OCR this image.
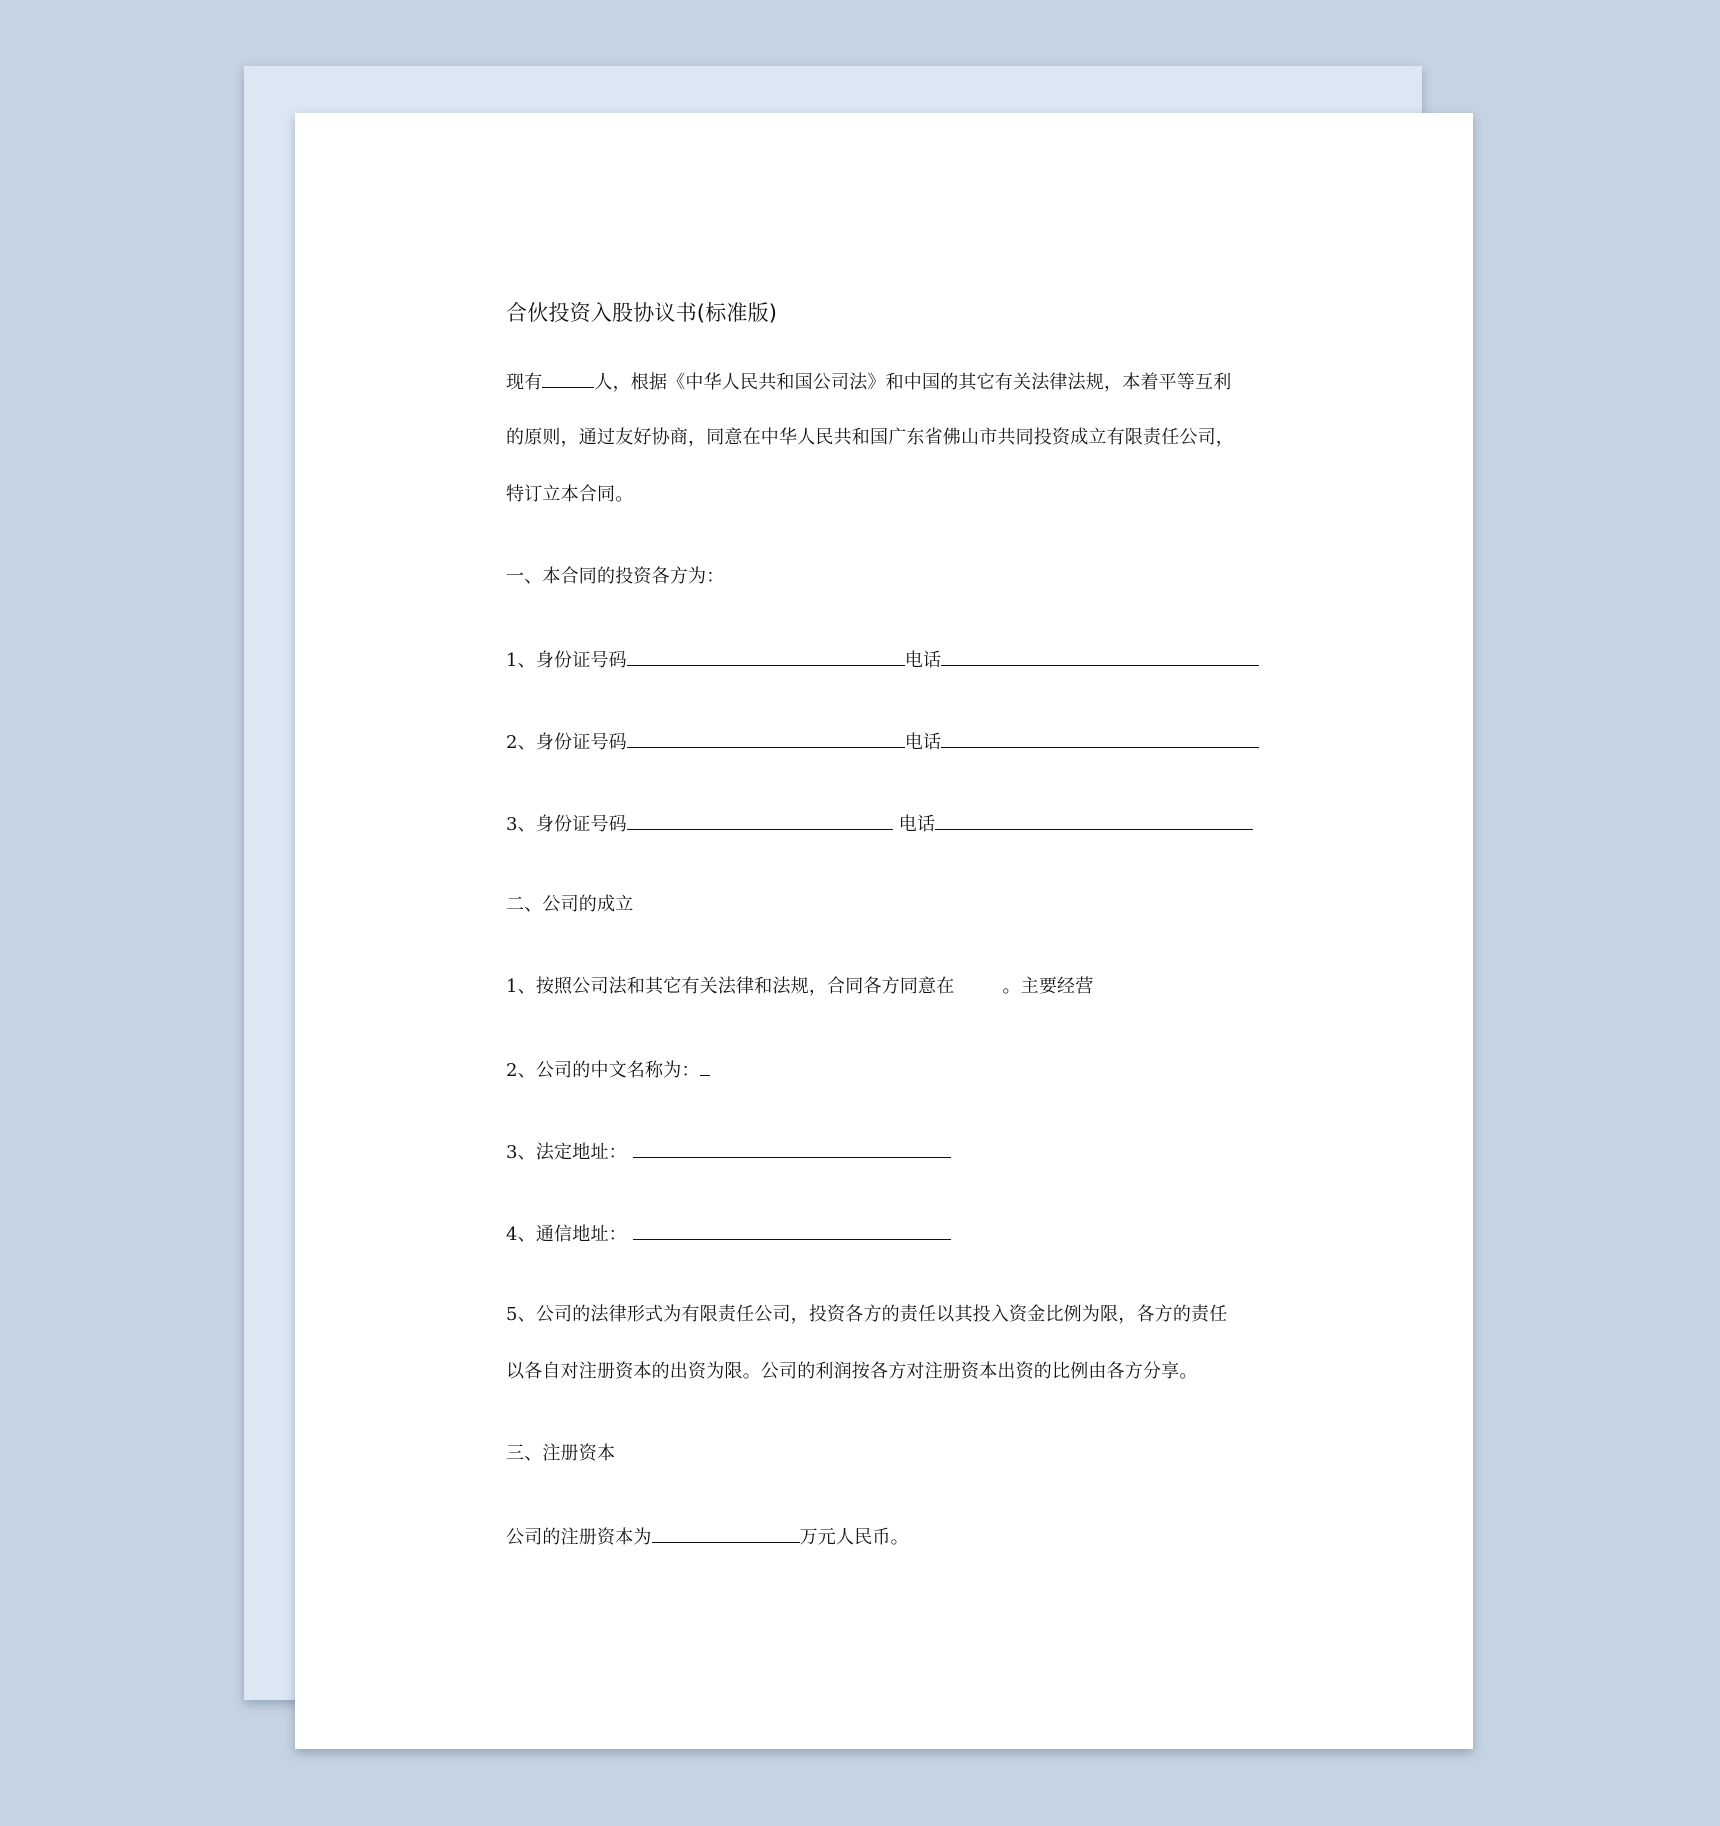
合伙投资入股协议书(标准版)
现有	人，根据《中华人民共和国公司法》和中国的其它有关法律法规，本着平等互利
的原则，通过友好协商，同意在中华人民共和国广东省佛山市共同投资成立有限责任公司，
特订立本合同。
一、本合同的投资各方为：
1、身份证号码	电话
2、身份证号码	电话
3、身份证号码	电话
二、公司的成立
1、按照公司法和其它有关法律和法规，合同各方同意在	。主要经营
2、公司的中文名称为：
3、法定地址：
4、通信地址：
5、公司的法律形式为有限责任公司，投资各方的责任以其投入资金比例为限，各方的责任
以各自对注册资本的出资为限。公司的利润按各方对注册资本出资的比例由各方分享。
三、注册资本
公司的注册资本为	万元人民币。
